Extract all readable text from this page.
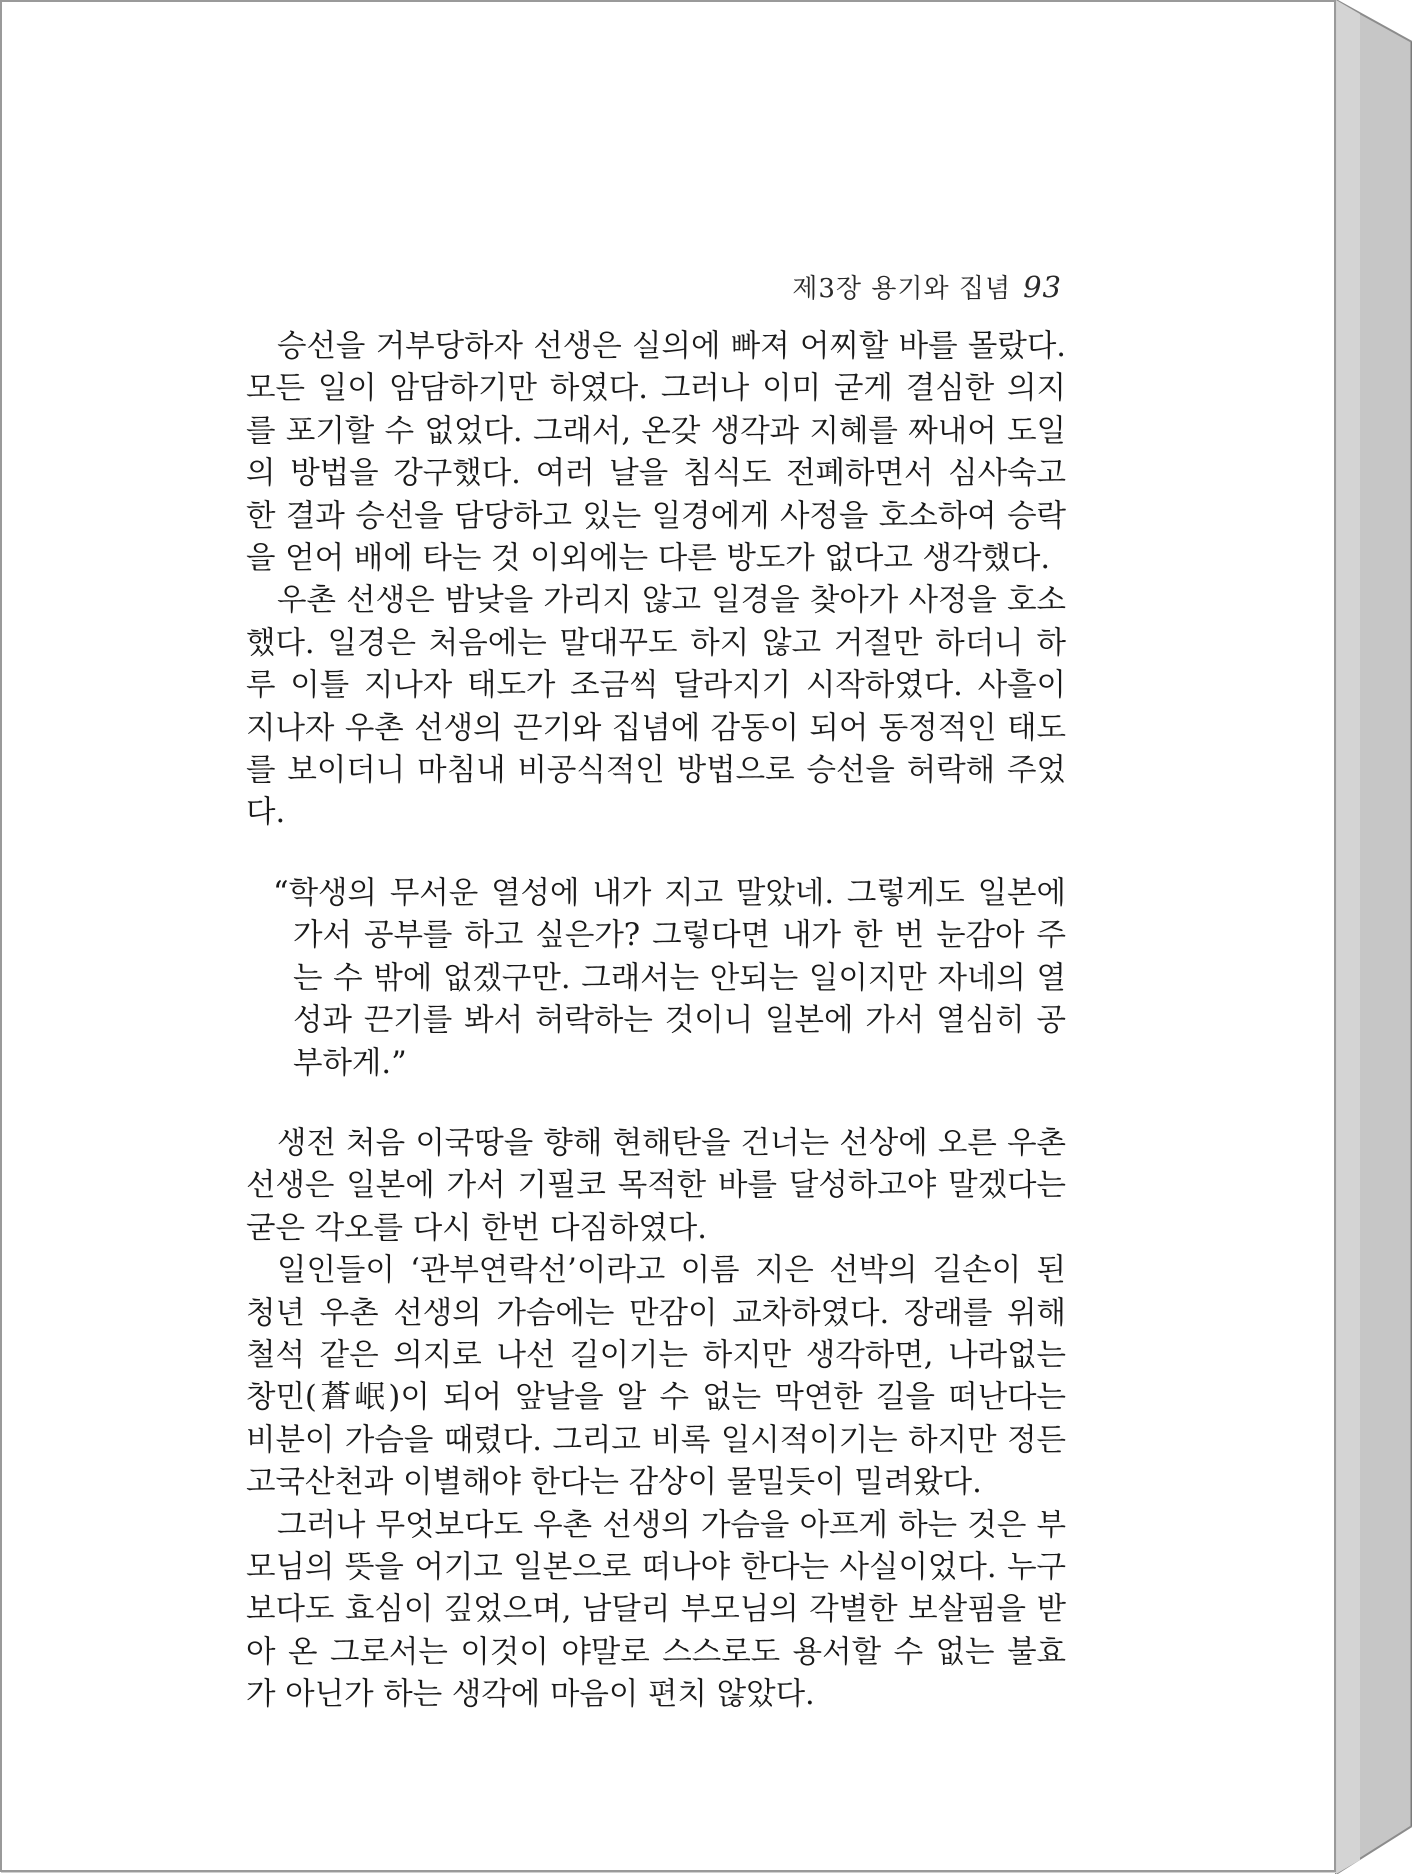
제3장 용기와 집념 93

승선을 거부당하자 선생은 실의에 빠져 어찌할 바를 몰랐다. 모든 일이 암담하기만 하였다. 그러나 이미 굳게 결심한 의지를 포기할 수 없었다. 그래서, 온갖 생각과 지혜를 짜내어 도일의 방법을 강구했다. 여러 날을 침식도 전폐하면서 심사숙고 한 결과 승선을 담당하고 있는 일경에게 사정을 호소하여 승락을 얻어 배에 타는 것 이외에는 다른 방도가 없다고 생각했다.

우촌 선생은 밤낮을 가리지 않고 일경을 찾아가 사정을 호소했다. 일경은 처음에는 말대꾸도 하지 않고 거절만 하더니 하루 이틀 지나자 태도가 조금씩 달라지기 시작하였다. 사흘이 지나자 우촌 선생의 끈기와 집념에 감동이 되어 동정적인 태도를 보이더니 마침내 비공식적인 방법으로 승선을 허락해 주었다.

“학생의 무서운 열성에 내가 지고 말았네. 그렇게도 일본에 가서 공부를 하고 싶은가? 그렇다면 내가 한 번 눈감아 주는 수 밖에 없겠구만. 그래서는 안되는 일이지만 자네의 열성과 끈기를 봐서 허락하는 것이니 일본에 가서 열심히 공부하게.”

생전 처음 이국땅을 향해 현해탄을 건너는 선상에 오른 우촌 선생은 일본에 가서 기필코 목적한 바를 달성하고야 말겠다는 굳은 각오를 다시 한번 다짐하였다.

일인들이 ‘관부연락선’이라고 이름 지은 선박의 길손이 된 청년 우촌 선생의 가슴에는 만감이 교차하였다. 장래를 위해 철석 같은 의지로 나선 길이기는 하지만 생각하면, 나라없는 창민(蒼岷)이 되어 앞날을 알 수 없는 막연한 길을 떠난다는 비분이 가슴을 때렸다. 그리고 비록 일시적이기는 하지만 정든 고국산천과 이별해야 한다는 감상이 물밀듯이 밀려왔다.

그러나 무엇보다도 우촌 선생의 가슴을 아프게 하는 것은 부모님의 뜻을 어기고 일본으로 떠나야 한다는 사실이었다. 누구보다도 효심이 깊었으며, 남달리 부모님의 각별한 보살핌을 받아 온 그로서는 이것이 야말로 스스로도 용서할 수 없는 불효가 아닌가 하는 생각에 마음이 편치 않았다.
